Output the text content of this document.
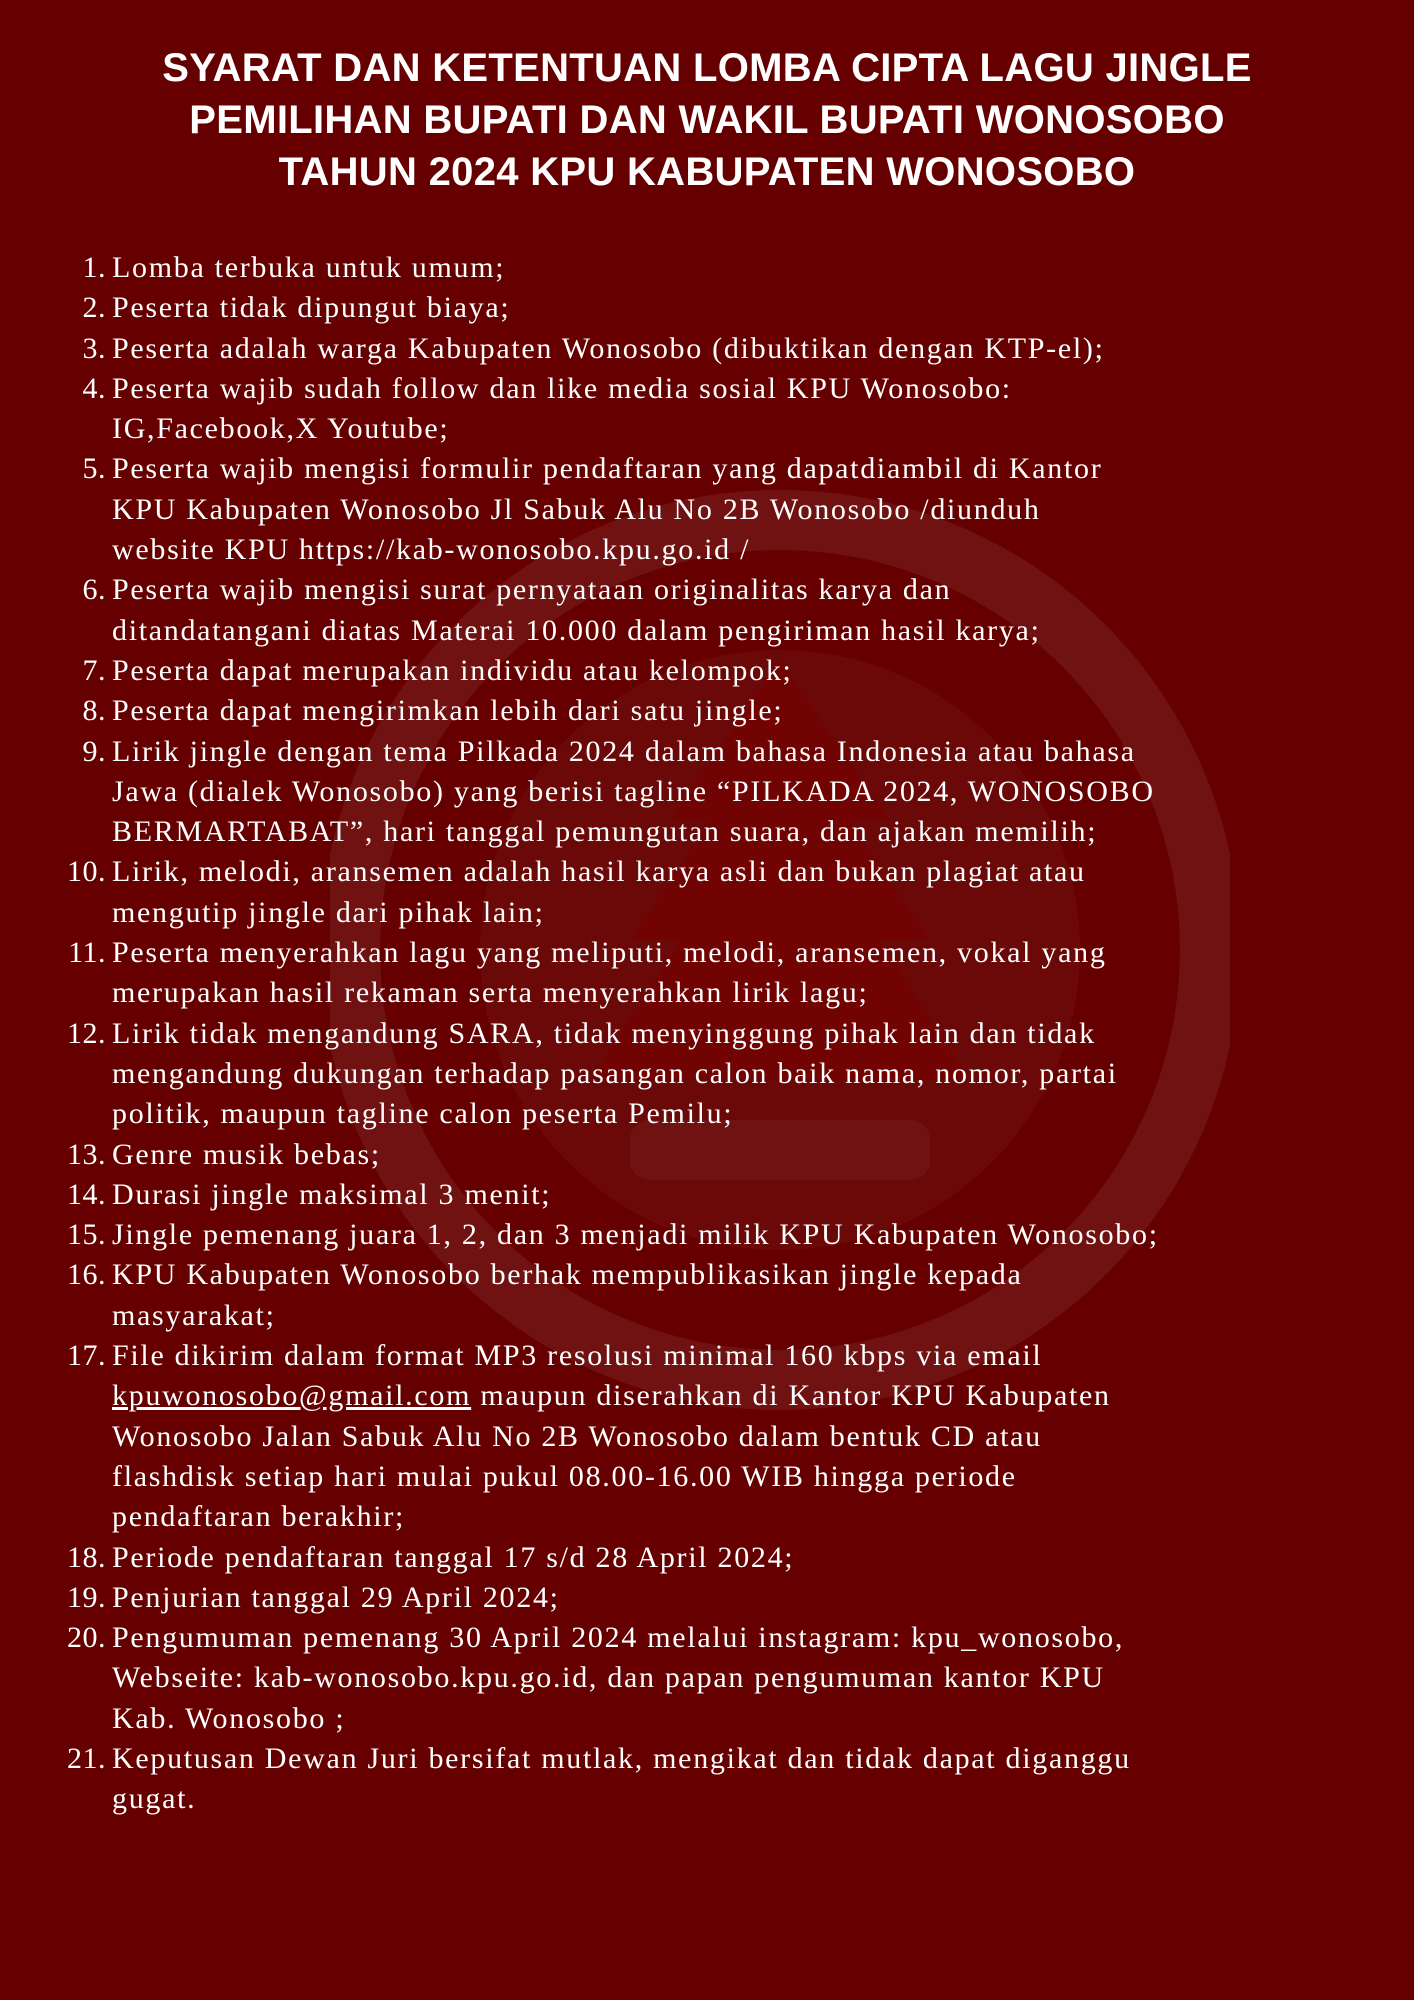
SYARAT DAN KETENTUAN LOMBA CIPTA LAGU JINGLE
PEMILIHAN BUPATI DAN WAKIL BUPATI WONOSOBO
TAHUN 2024 KPU KABUPATEN WONOSOBO
1. Lomba terbuka untuk umum;
2. Peserta tidak dipungut biaya;
3. Peserta adalah warga Kabupaten Wonosobo (dibuktikan dengan KTP-el);
4. Peserta wajib sudah follow dan like media sosial KPU Wonosobo:
IG,Facebook,X Youtube;
5. Peserta wajib mengisi formulir pendaftaran yang dapatdiambil di Kantor
KPU Kabupaten Wonosobo Jl Sabuk Alu No 2B Wonosobo /diunduh
website KPU https://kab-wonosobo.kpu.go.id /
6. Peserta wajib mengisi surat pernyataan originalitas karya dan
ditandatangani diatas Materai 10.000 dalam pengiriman hasil karya;
7. Peserta dapat merupakan individu atau kelompok;
8. Peserta dapat mengirimkan lebih dari satu jingle;
9. Lirik jingle dengan tema Pilkada 2024 dalam bahasa Indonesia atau bahasa
Jawa (dialek Wonosobo) yang berisi tagline “PILKADA 2024, WONOSOBO
BERMARTABAT”, hari tanggal pemungutan suara, dan ajakan memilih;
10. Lirik, melodi, aransemen adalah hasil karya asli dan bukan plagiat atau
mengutip jingle dari pihak lain;
11. Peserta menyerahkan lagu yang meliputi, melodi, aransemen, vokal yang
merupakan hasil rekaman serta menyerahkan lirik lagu;
12. Lirik tidak mengandung SARA, tidak menyinggung pihak lain dan tidak
mengandung dukungan terhadap pasangan calon baik nama, nomor, partai
politik, maupun tagline calon peserta Pemilu;
13. Genre musik bebas;
14. Durasi jingle maksimal 3 menit;
15. Jingle pemenang juara 1, 2, dan 3 menjadi milik KPU Kabupaten Wonosobo;
16. KPU Kabupaten Wonosobo berhak mempublikasikan jingle kepada
masyarakat;
17. File dikirim dalam format MP3 resolusi minimal 160 kbps via email
kpuwonosobo@gmail.com maupun diserahkan di Kantor KPU Kabupaten
Wonosobo Jalan Sabuk Alu No 2B Wonosobo dalam bentuk CD atau
flashdisk setiap hari mulai pukul 08.00-16.00 WIB hingga periode
pendaftaran berakhir;
18. Periode pendaftaran tanggal 17 s/d 28 April 2024;
19. Penjurian tanggal 29 April 2024;
20. Pengumuman pemenang 30 April 2024 melalui instagram: kpu_wonosobo,
Webseite: kab-wonosobo.kpu.go.id, dan papan pengumuman kantor KPU
Kab. Wonosobo ;
21. Keputusan Dewan Juri bersifat mutlak, mengikat dan tidak dapat diganggu
gugat.
